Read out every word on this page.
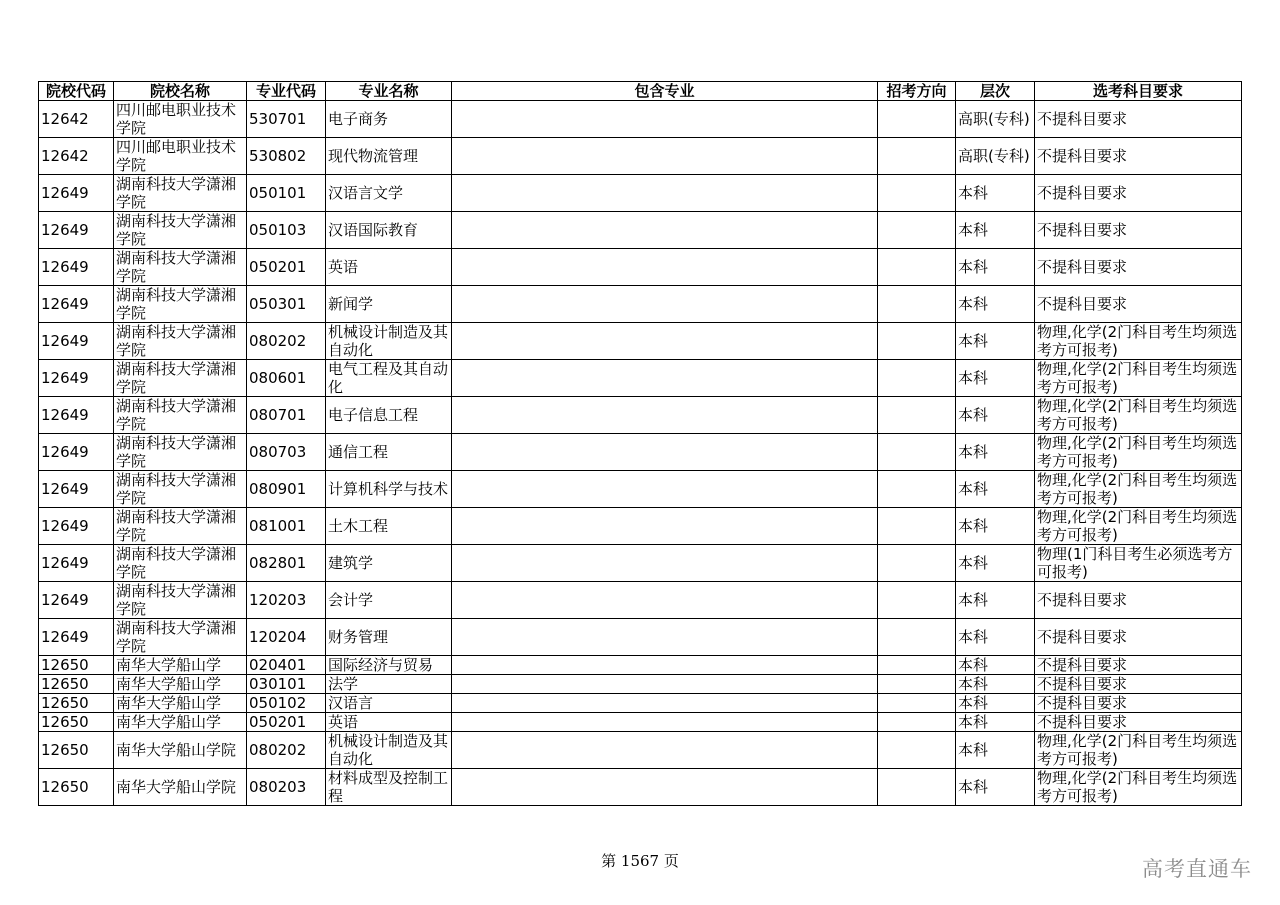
院校代码	院校名称	专业代码	专业名称	包含专业	招考方向	层次	选考科目要求
12642	四川邮电职业技术学院	530701	电子商务			高职(专科)	不提科目要求
12642	四川邮电职业技术学院	530802	现代物流管理			高职(专科)	不提科目要求
12649	湖南科技大学潇湘学院	050101	汉语言文学			本科	不提科目要求
12649	湖南科技大学潇湘学院	050103	汉语国际教育			本科	不提科目要求
12649	湖南科技大学潇湘学院	050201	英语			本科	不提科目要求
12649	湖南科技大学潇湘学院	050301	新闻学			本科	不提科目要求
12649	湖南科技大学潇湘学院	080202	机械设计制造及其自动化			本科	物理,化学(2门科目考生均须选考方可报考)
12649	湖南科技大学潇湘学院	080601	电气工程及其自动化			本科	物理,化学(2门科目考生均须选考方可报考)
12649	湖南科技大学潇湘学院	080701	电子信息工程			本科	物理,化学(2门科目考生均须选考方可报考)
12649	湖南科技大学潇湘学院	080703	通信工程			本科	物理,化学(2门科目考生均须选考方可报考)
12649	湖南科技大学潇湘学院	080901	计算机科学与技术			本科	物理,化学(2门科目考生均须选考方可报考)
12649	湖南科技大学潇湘学院	081001	土木工程			本科	物理,化学(2门科目考生均须选考方可报考)
12649	湖南科技大学潇湘学院	082801	建筑学			本科	物理(1门科目考生必须选考方可报考)
12649	湖南科技大学潇湘学院	120203	会计学			本科	不提科目要求
12649	湖南科技大学潇湘学院	120204	财务管理			本科	不提科目要求
12650	南华大学船山学	020401	国际经济与贸易			本科	不提科目要求
12650	南华大学船山学	030101	法学			本科	不提科目要求
12650	南华大学船山学	050102	汉语言			本科	不提科目要求
12650	南华大学船山学	050201	英语			本科	不提科目要求
12650	南华大学船山学院	080202	机械设计制造及其自动化			本科	物理,化学(2门科目考生均须选考方可报考)
12650	南华大学船山学院	080203	材料成型及控制工程			本科	物理,化学(2门科目考生均须选考方可报考)
第 1567 页	高考直通车
